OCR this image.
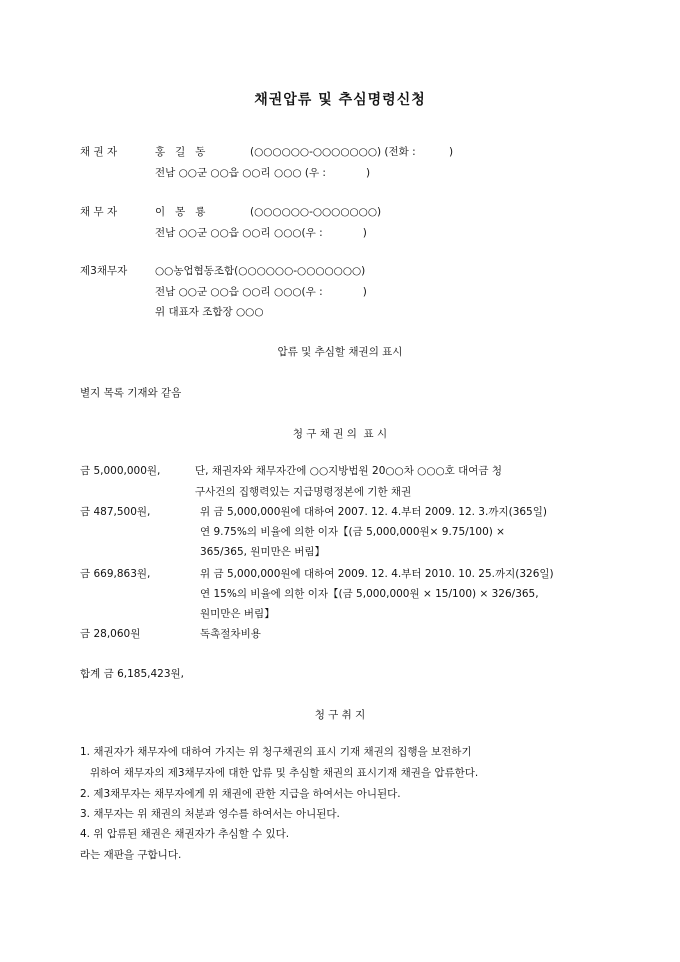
채권압류 및 추심명령신청
채 권 자	홍   길   동	(○○○○○○-○○○○○○○) (전화 :          )
전남 ○○군 ○○읍 ○○리 ○○○ (우 :            )
채 무 자	이   몽   룡	(○○○○○○-○○○○○○○)
전남 ○○군 ○○읍 ○○리 ○○○(우 :            )
제3채무자	○○농업협동조합(○○○○○○-○○○○○○○)
전남 ○○군 ○○읍 ○○리 ○○○(우 :            )
위 대표자 조합장 ○○○
압류 및 추심할 채권의 표시
별지 목록 기재와 같음
청 구 채 권 의  표 시
금 5,000,000원,	단, 채권자와 채무자간에 ○○지방법원 20○○차 ○○○호 대여금 청
구사건의 집행력있는 지급명령정본에 기한 채권
금 487,500원,	위 금 5,000,000원에 대하여 2007. 12. 4.부터 2009. 12. 3.까지(365일)
연 9.75%의 비율에 의한 이자【(금 5,000,000원× 9.75/100) ×
365/365, 원미만은 버림】
금 669,863원,	위 금 5,000,000원에 대하여 2009. 12. 4.부터 2010. 10. 25.까지(326일)
연 15%의 비율에 의한 이자【(금 5,000,000원 × 15/100) × 326/365,
원미만은 버림】
금 28,060원	독촉절차비용
합계 금 6,185,423원,
청 구 취 지
1. 채권자가 채무자에 대하여 가지는 위 청구채권의 표시 기재 채권의 집행을 보전하기
위하여 채무자의 제3채무자에 대한 압류 및 추심할 채권의 표시기재 채권을 압류한다.
2. 제3채무자는 채무자에게 위 채권에 관한 지급을 하여서는 아니된다.
3. 채무자는 위 채권의 처분과 영수를 하여서는 아니된다.
4. 위 압류된 채권은 채권자가 추심할 수 있다.
라는 재판을 구합니다.
